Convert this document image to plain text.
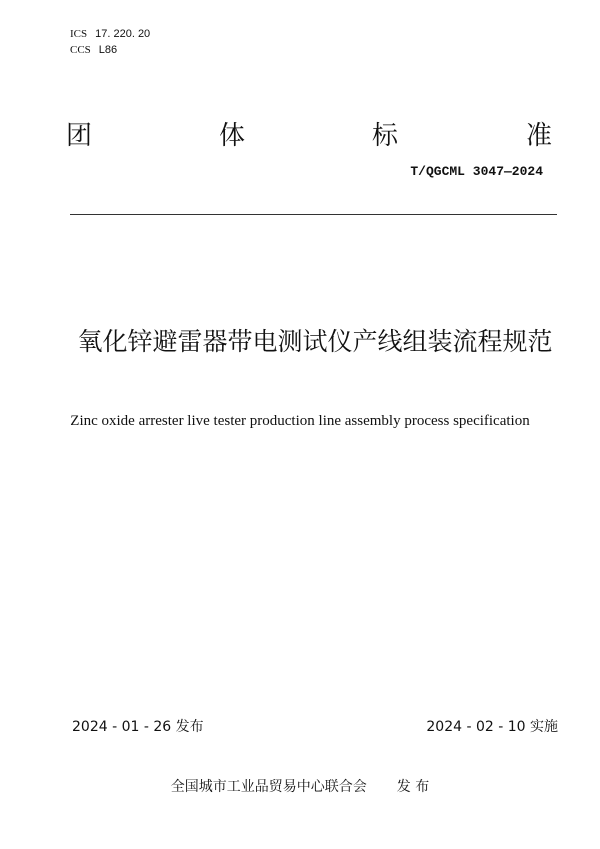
ICS 17. 220. 20
CCS L86
团	体	标	准
T/QGCML 3047—2024
氧化锌避雷器带电测试仪产线组装流程规范
Zinc oxide arrester live tester production line assembly process specification
2024 - 01 - 26 发布	2024 - 02 - 10 实施
全国城市工业品贸易中心联合会 发 布
